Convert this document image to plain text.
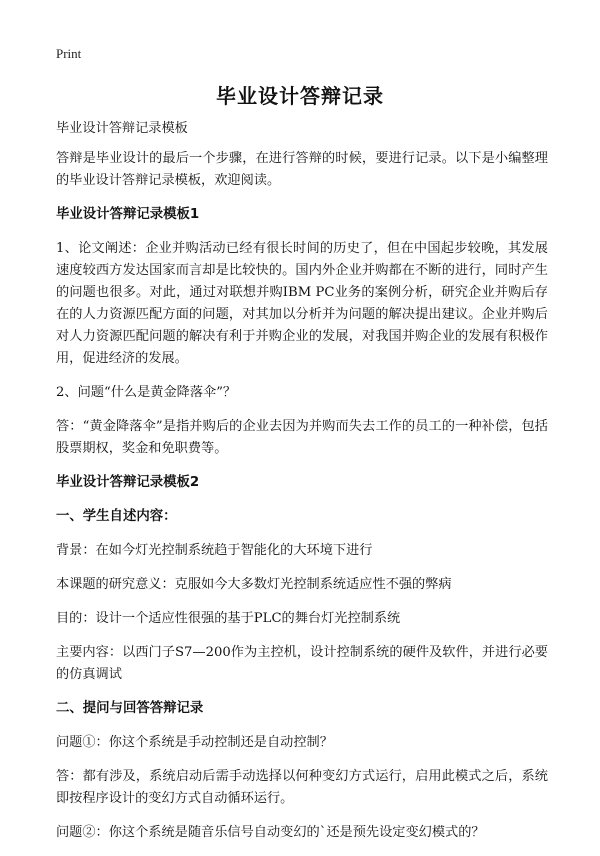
Print
毕业设计答辩记录

毕业设计答辩记录模板

答辩是毕业设计的最后一个步骤，在进行答辩的时候，要进行记录。以下是小编整理的毕业设计答辩记录模板，欢迎阅读。

毕业设计答辩记录模板1

1、论文阐述：企业并购活动已经有很长时间的历史了，但在中国起步较晚，其发展速度较西方发达国家而言却是比较快的。国内外企业并购都在不断的进行，同时产生的问题也很多。对此，通过对联想并购IBM PC业务的案例分析，研究企业并购后存在的人力资源匹配方面的问题，对其加以分析并为问题的解决提出建议。企业并购后对人力资源匹配问题的解决有利于并购企业的发展，对我国并购企业的发展有积极作用，促进经济的发展。

2、问题“什么是黄金降落伞”？

答：“黄金降落伞”是指并购后的企业去因为并购而失去工作的员工的一种补偿，包括股票期权，奖金和免职费等。

毕业设计答辩记录模板2

一、学生自述内容：

背景：在如今灯光控制系统趋于智能化的大环境下进行

本课题的研究意义：克服如今大多数灯光控制系统适应性不强的弊病

目的：设计一个适应性很强的基于PLC的舞台灯光控制系统

主要内容：以西门子S7—200作为主控机，设计控制系统的硬件及软件，并进行必要的仿真调试

二、提问与回答答辩记录

问题①：你这个系统是手动控制还是自动控制？

答：都有涉及，系统启动后需手动选择以何种变幻方式运行，启用此模式之后，系统即按程序设计的变幻方式自动循环运行。

问题②：你这个系统是随音乐信号自动变幻的`还是预先设定变幻模式的？
